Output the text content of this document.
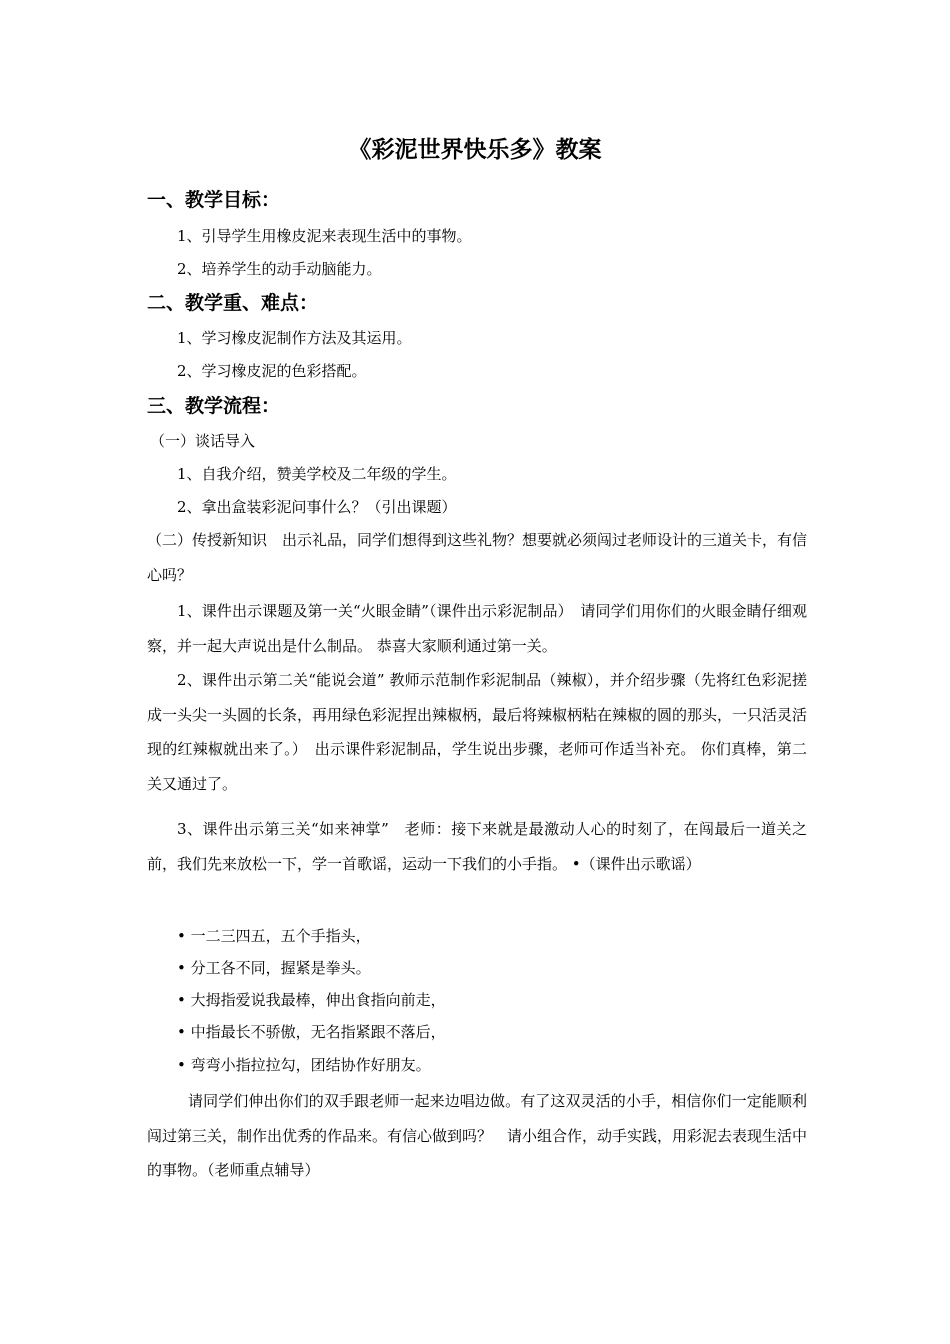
《彩泥世界快乐多》教案
一、教学目标：
1、引导学生用橡皮泥来表现生活中的事物。
2、培养学生的动手动脑能力。
二、教学重、难点：
1、学习橡皮泥制作方法及其运用。
2、学习橡皮泥的色彩搭配。
三、教学流程：
（一）谈话导入
1、自我介绍，赞美学校及二年级的学生。
2、拿出盒装彩泥问事什么？（引出课题）
（二）传授新知识　出示礼品，同学们想得到这些礼物？想要就必须闯过老师设计的三道关卡，有信心吗？
1、课件出示课题及第一关“火眼金睛”（课件出示彩泥制品）　请同学们用你们的火眼金睛仔细观察，并一起大声说出是什么制品。 恭喜大家顺利通过第一关。
2、课件出示第二关“能说会道” 教师示范制作彩泥制品（辣椒），并介绍步骤（先将红色彩泥搓成一头尖一头圆的长条，再用绿色彩泥捏出辣椒柄，最后将辣椒柄粘在辣椒的圆的那头，一只活灵活现的红辣椒就出来了。）　出示课件彩泥制品，学生说出步骤，老师可作适当补充。 你们真棒，第二关又通过了。
3、课件出示第三关“如来神掌”　老师：接下来就是最激动人心的时刻了，在闯最后一道关之前，我们先来放松一下，学一首歌谣，运动一下我们的小手指。 •（课件出示歌谣）
• 一二三四五，五个手指头，
• 分工各不同，握紧是拳头。
• 大拇指爱说我最棒，伸出食指向前走，
• 中指最长不骄傲，无名指紧跟不落后，
• 弯弯小指拉拉勾，团结协作好朋友。
请同学们伸出你们的双手跟老师一起来边唱边做。有了这双灵活的小手，相信你们一定能顺利闯过第三关，制作出优秀的作品来。有信心做到吗？　请小组合作，动手实践，用彩泥去表现生活中的事物。（老师重点辅导）
